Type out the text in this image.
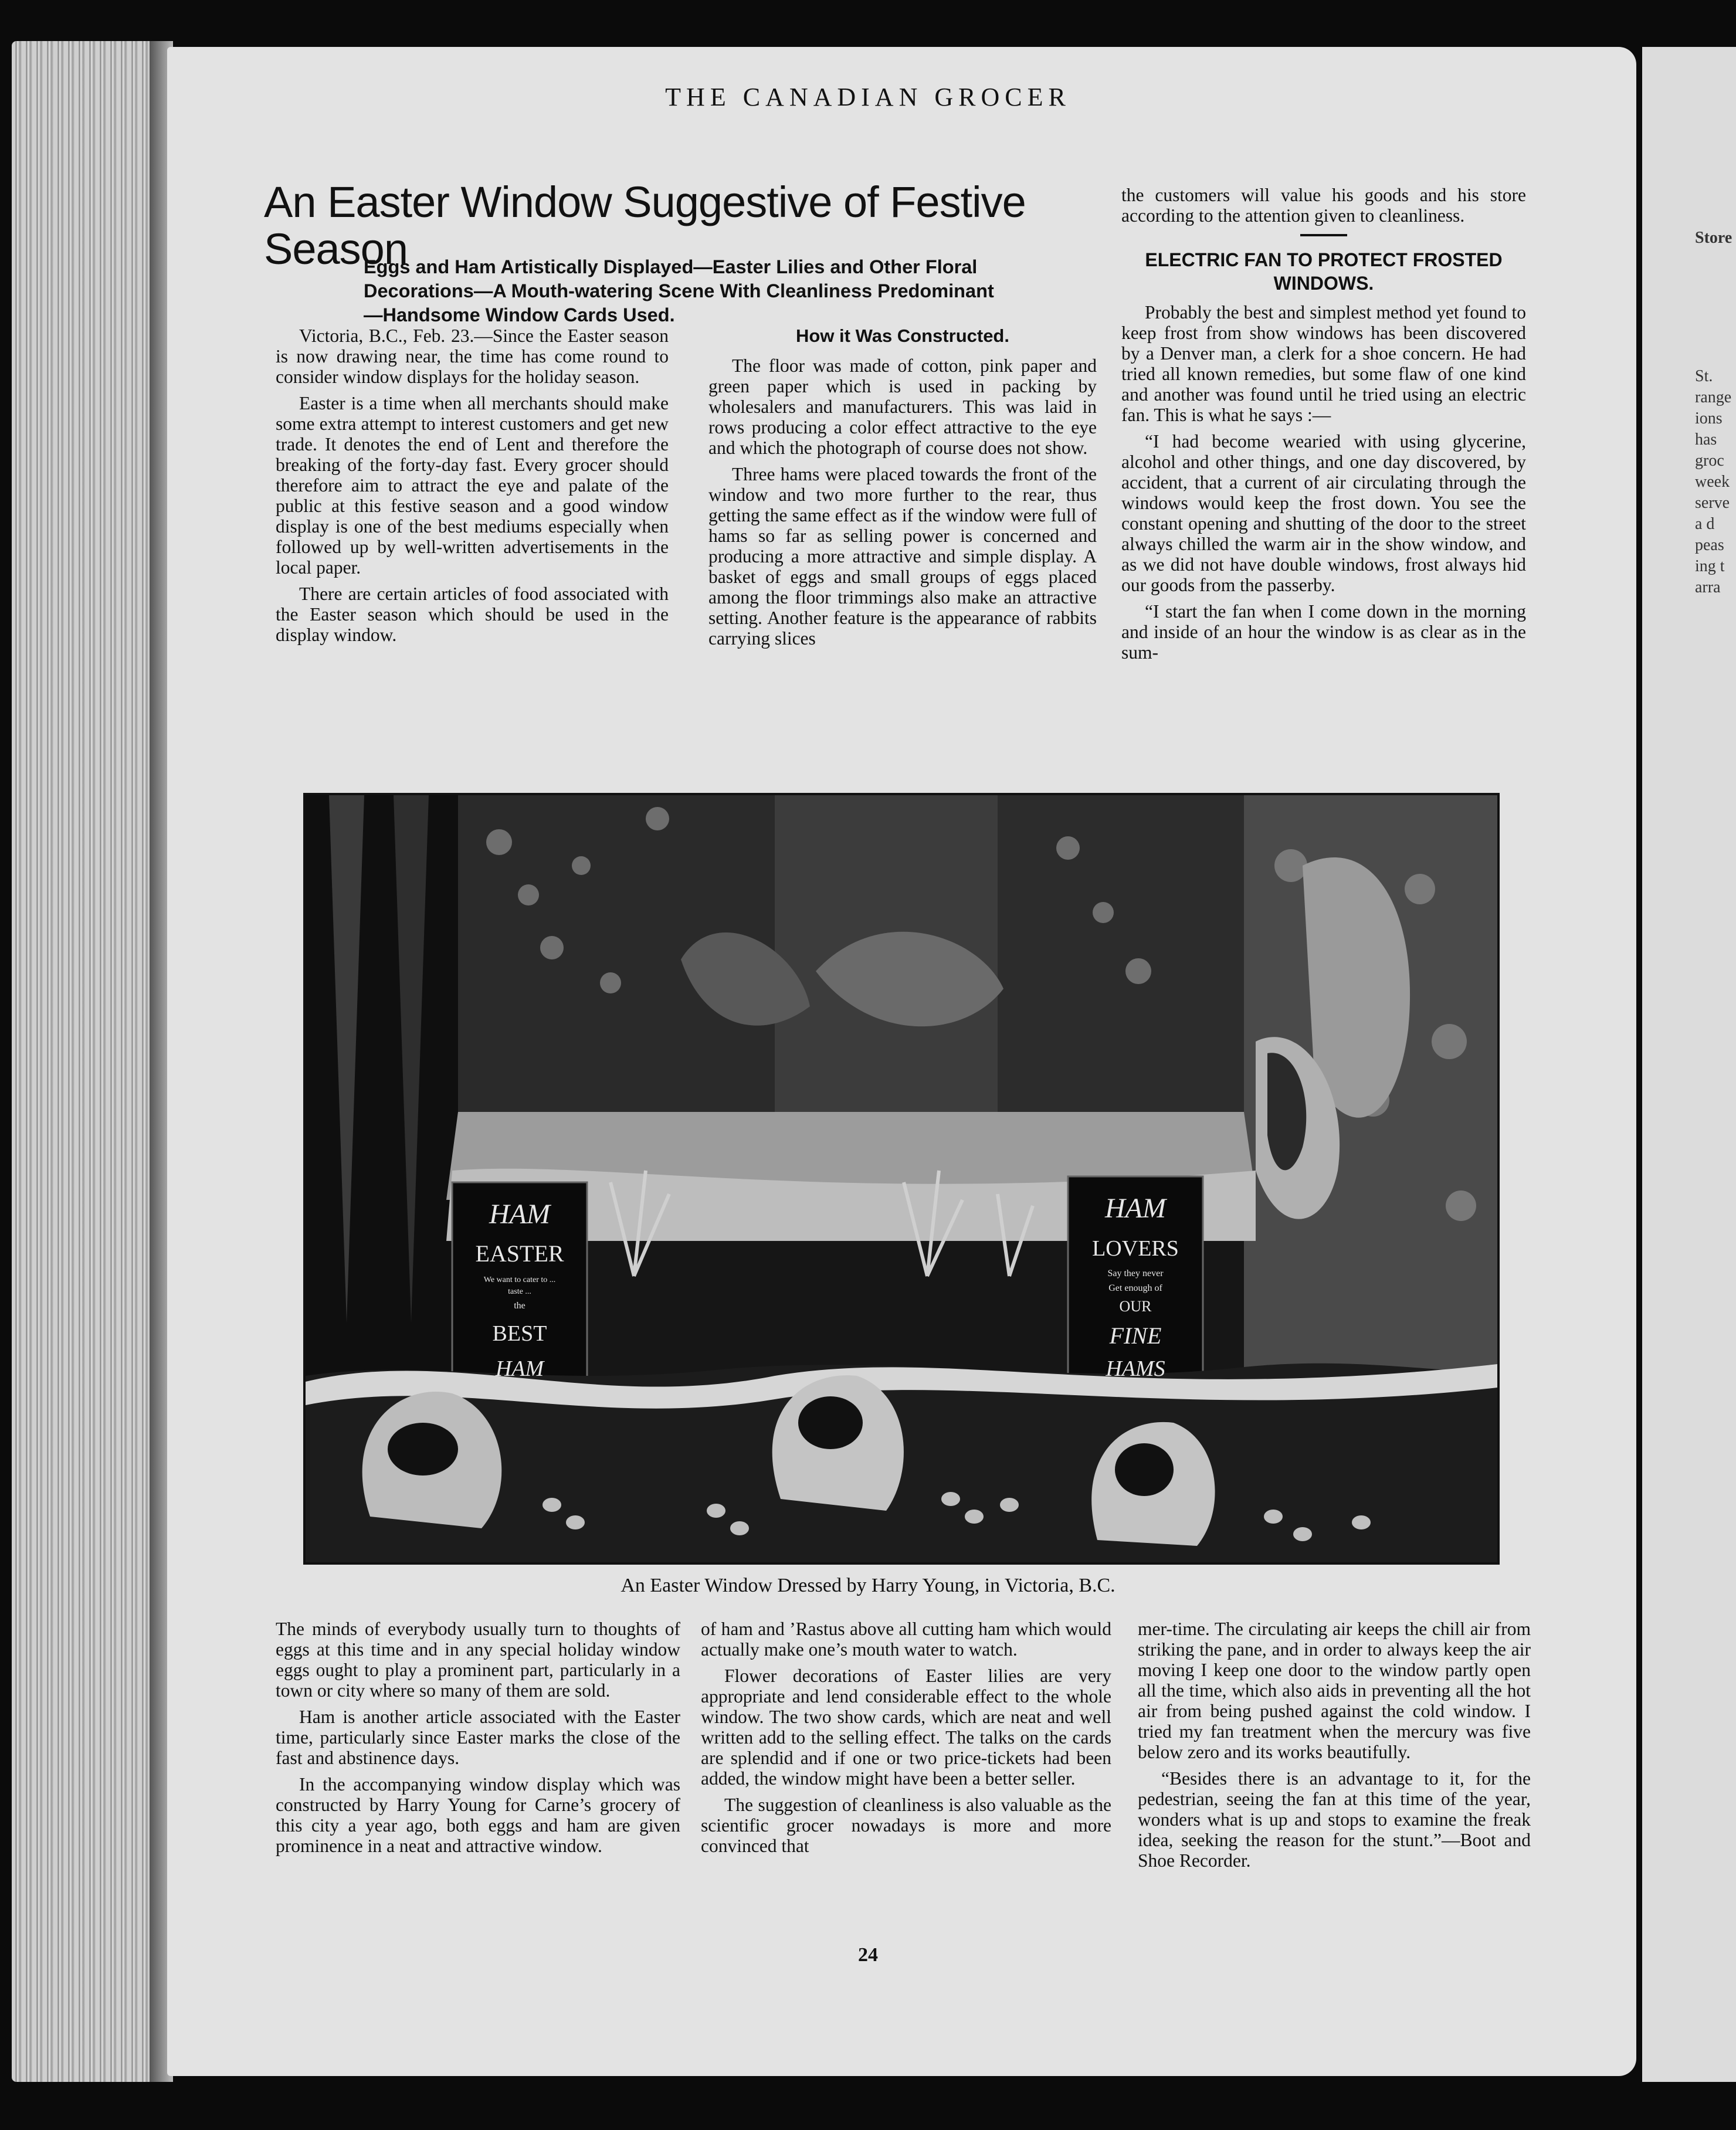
Store
St.
range
ions
has
groc
week
serve
a d
peas
ing t
arra
THE CANADIAN GROCER
An Easter Window Suggestive of Festive Season
Eggs and Ham Artistically Displayed—Easter Lilies and Other Floral Decorations—A Mouth-watering Scene With Cleanliness Predominant—Handsome Window Cards Used.

Victoria, B.C., Feb. 23.—Since the Easter season is now drawing near, the time has come round to consider window displays for the holiday season.

Easter is a time when all merchants should make some extra attempt to interest customers and get new trade. It denotes the end of Lent and therefore the breaking of the forty-day fast. Every grocer should therefore aim to attract the eye and palate of the public at this festive season and a good window display is one of the best mediums especially when followed up by well-written advertisements in the local paper.

There are certain articles of food associated with the Easter season which should be used in the display window.

How it Was Constructed.

The floor was made of cotton, pink paper and green paper which is used in packing by wholesalers and manufacturers. This was laid in rows producing a color effect attractive to the eye and which the photograph of course does not show.

Three hams were placed towards the front of the window and two more further to the rear, thus getting the same effect as if the window were full of hams so far as selling power is concerned and producing a more attractive and simple display. A basket of eggs and small groups of eggs placed among the floor trimmings also make an attractive setting. Another feature is the appearance of rabbits carrying slices

the customers will value his goods and his store according to the attention given to cleanliness.

ELECTRIC FAN TO PROTECT FROSTED WINDOWS.

Probably the best and simplest method yet found to keep frost from show windows has been discovered by a Denver man, a clerk for a shoe concern. He had tried all known remedies, but some flaw of one kind and another was found until he tried using an electric fan. This is what he says :—

“I had become wearied with using glycerine, alcohol and other things, and one day discovered, by accident, that a current of air circulating through the windows would keep the frost down. You see the constant opening and shutting of the door to the street always chilled the warm air in the show window, and as we did not have double windows, frost always hid our goods from the passerby.

“I start the fan when I come down in the morning and inside of an hour the window is as clear as in the sum-

HAM
EASTER
We want to cater to ...
taste ...
the
BEST
HAM
HAM
LOVERS
Say they never
Get enough of
OUR
FINE
HAMS
An Easter Window Dressed by Harry Young, in Victoria, B.C.

The minds of everybody usually turn to thoughts of eggs at this time and in any special holiday window eggs ought to play a prominent part, particularly in a town or city where so many of them are sold.

Ham is another article associated with the Easter time, particularly since Easter marks the close of the fast and abstinence days.

In the accompanying window display which was constructed by Harry Young for Carne’s grocery of this city a year ago, both eggs and ham are given prominence in a neat and attractive window.

of ham and ’Rastus above all cutting ham which would actually make one’s mouth water to watch.

Flower decorations of Easter lilies are very appropriate and lend considerable effect to the whole window. The two show cards, which are neat and well written add to the selling effect. The talks on the cards are splendid and if one or two price-tickets had been added, the window might have been a better seller.

The suggestion of cleanliness is also valuable as the scientific grocer nowadays is more and more convinced that

mer-time. The circulating air keeps the chill air from striking the pane, and in order to always keep the air moving I keep one door to the window partly open all the time, which also aids in preventing all the hot air from being pushed against the cold window. I tried my fan treatment when the mercury was five below zero and its works beautifully.

“Besides there is an advantage to it, for the pedestrian, seeing the fan at this time of the year, wonders what is up and stops to examine the freak idea, seeking the reason for the stunt.”—Boot and Shoe Recorder.

24
